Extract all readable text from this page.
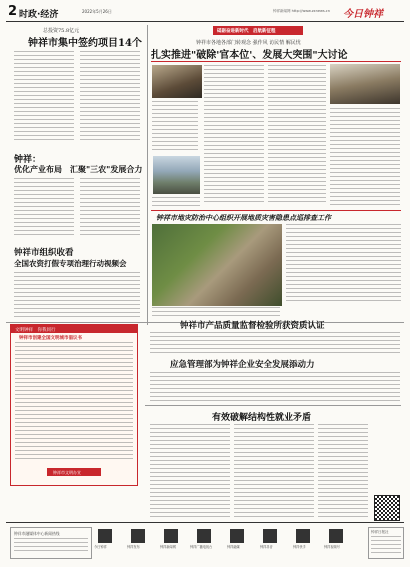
2 时政·经济	2022年5月26日	钟祥新闻网 http://www.zxnews.cn 今日钟祥
总投资75.8亿元
钟祥市集中签约项目14个
钟祥：
优化产业布局　汇聚"三农"发展合力
钟祥市组织收看
全国农资打假专项治理行动视频会
砥砺奋进新时代　启航新征程
钟祥市各地各部门转观念 强作风 访民情 解民忧
扎实推进"破除'官本位'、发展大突围"大讨论
钟祥市地灾防治中心组织开展地质灾害隐患点巡排查工作
钟祥市产品质量监督检验所获资质认证
文明钟祥　你我同行
钟祥市创建全国文明城市倡议书
钟祥市文明办宣
应急管理部为钟祥企业安全发展添动力
有效破解结构性就业矛盾
钟祥市融媒体中心新闻热线
今日钟祥	钟祥发布	钟祥新闻网	钟祥广播电视台	钟祥融媒	钟祥抖音	钟祥快手	钟祥视频号
钟祥日报社
